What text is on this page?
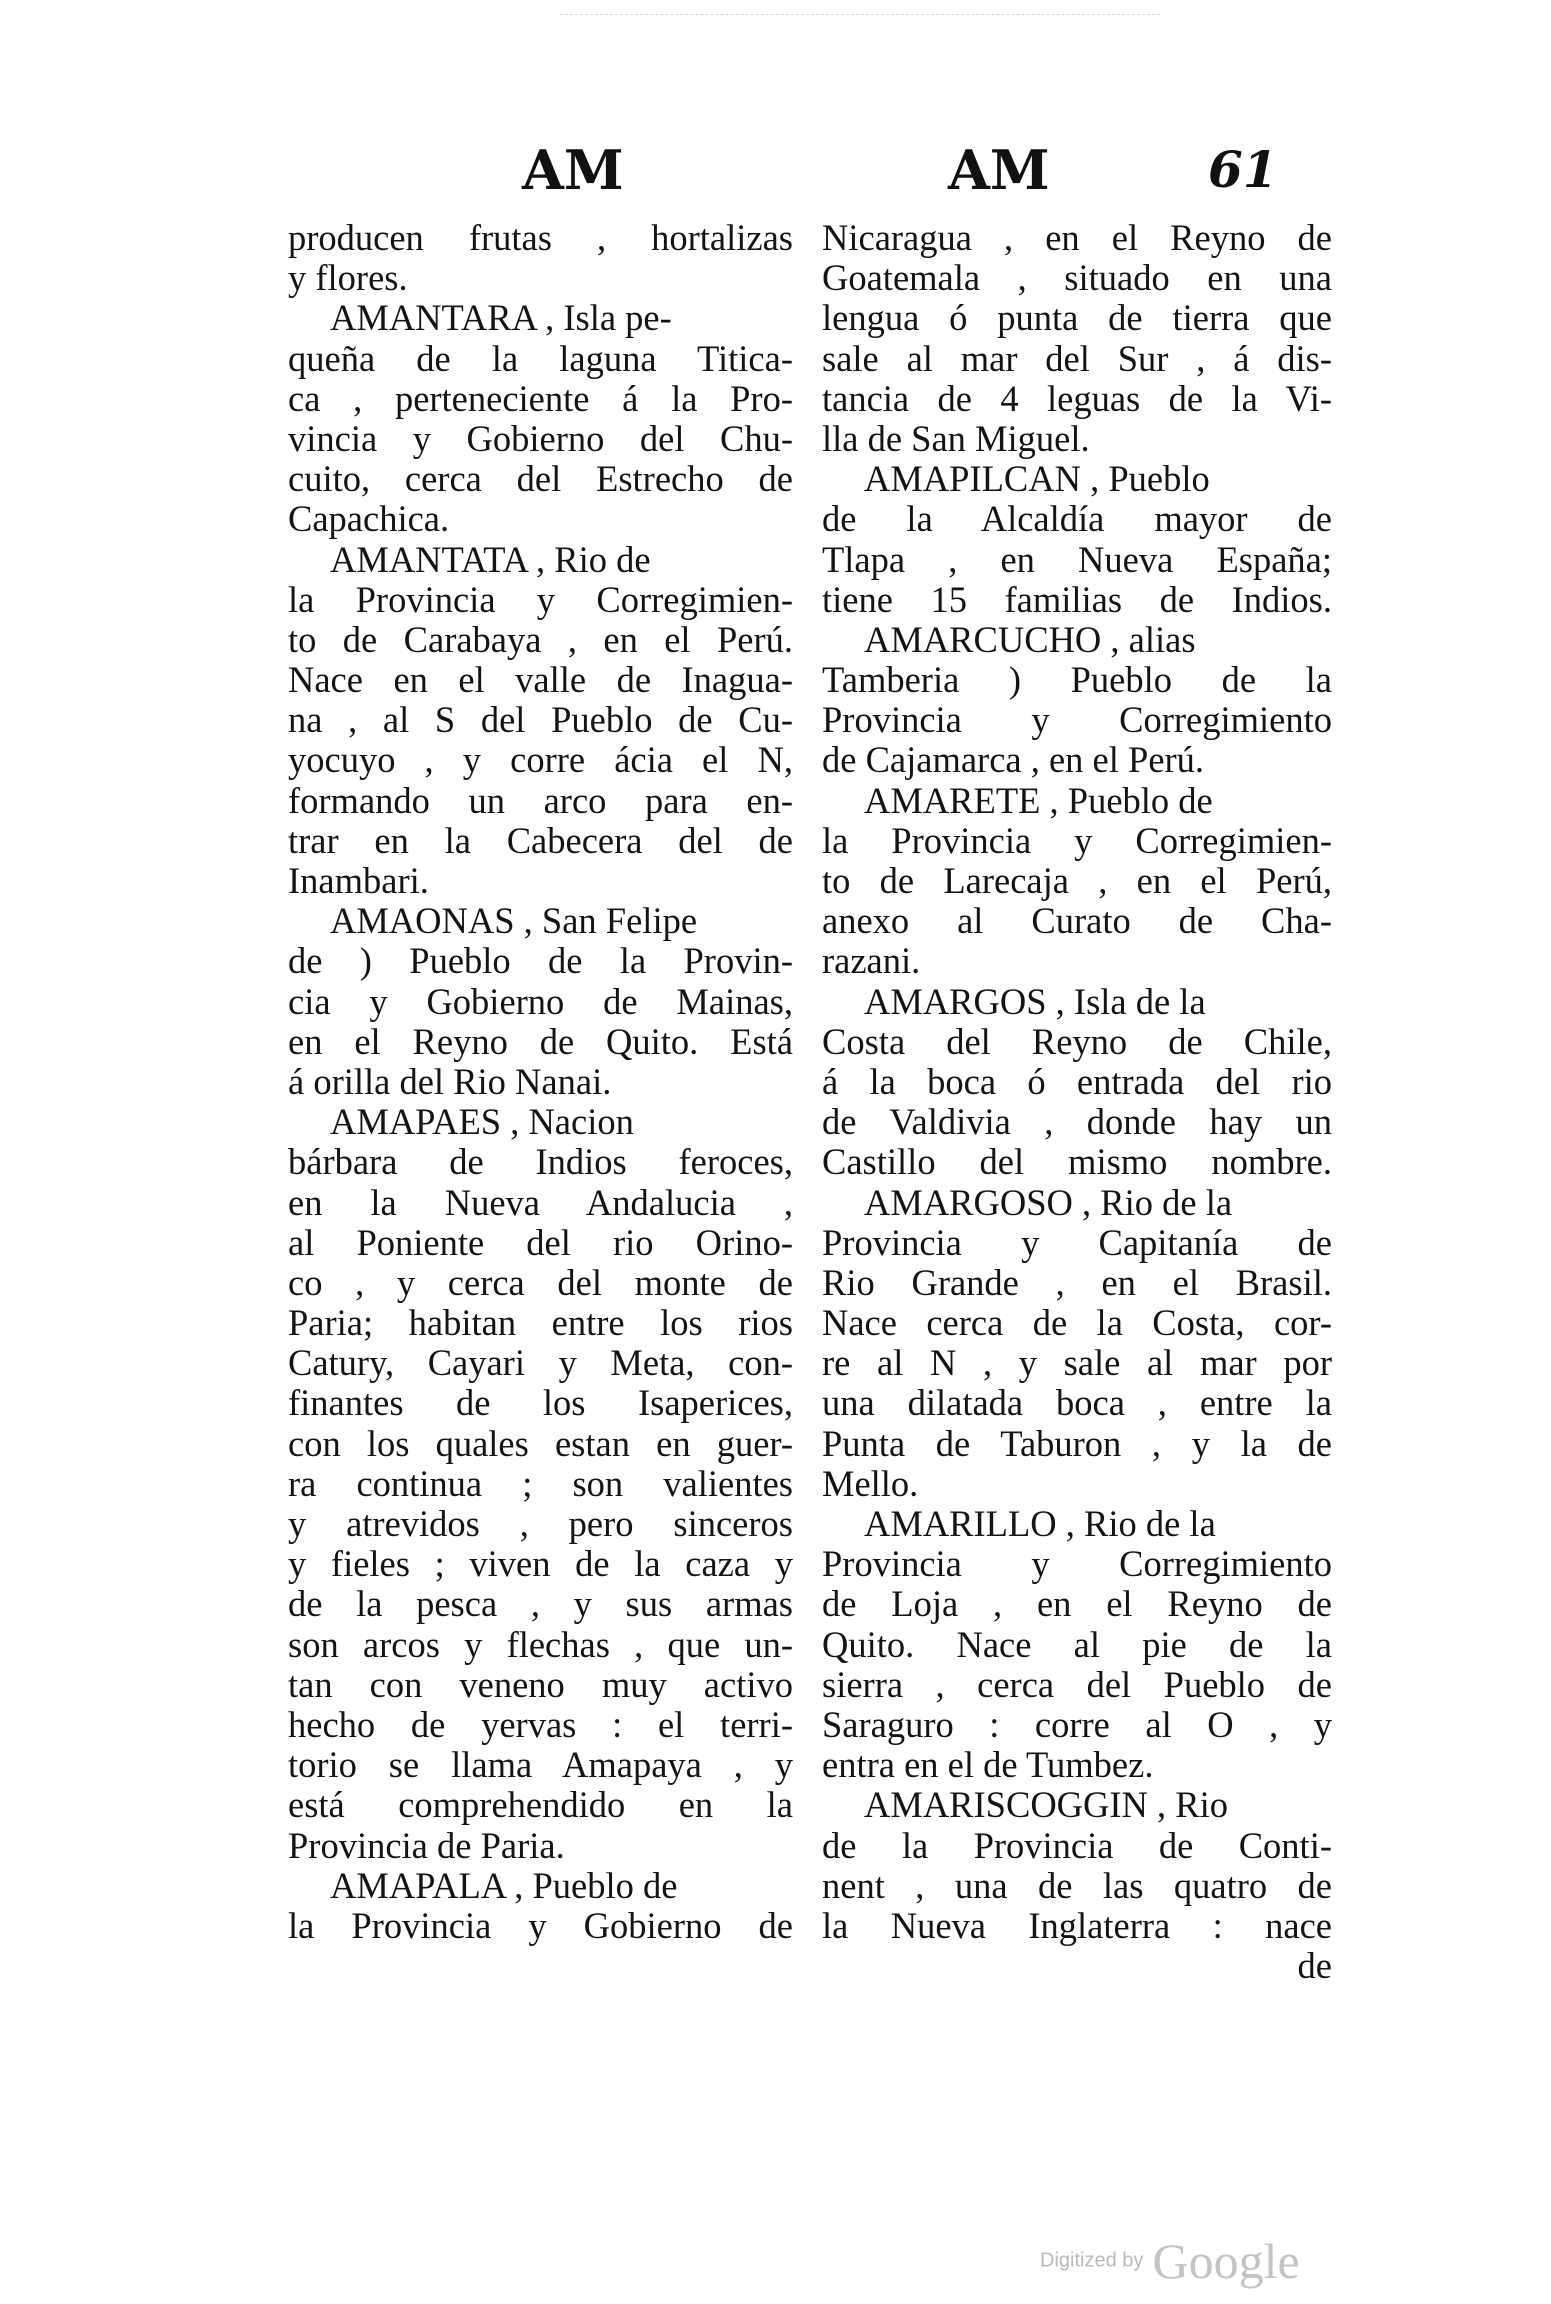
AM	AM	61
producen frutas , hortalizas
y flores.
AMANTARA , Isla pe-
queña de la laguna Titica-
ca , perteneciente á la Pro-
vincia y Gobierno del Chu-
cuito, cerca del Estrecho de
Capachica.
AMANTATA , Rio de
la Provincia y Corregimien-
to de Carabaya , en el Perú.
Nace en el valle de Inagua-
na , al S del Pueblo de Cu-
yocuyo , y corre ácia el N,
formando un arco para en-
trar en la Cabecera del de
Inambari.
AMAONAS , San Felipe
de ) Pueblo de la Provin-
cia y Gobierno de Mainas,
en el Reyno de Quito. Está
á orilla del Rio Nanai.
AMAPAES , Nacion
bárbara de Indios feroces,
en la Nueva Andalucia ,
al Poniente del rio Orino-
co , y cerca del monte de
Paria; habitan entre los rios
Catury, Cayari y Meta, con-
finantes de los Isaperices,
con los quales estan en guer-
ra continua ; son valientes
y atrevidos , pero sinceros
y fieles ; viven de la caza y
de la pesca , y sus armas
son arcos y flechas , que un-
tan con veneno muy activo
hecho de yervas : el terri-
torio se llama Amapaya , y
está comprehendido en la
Provincia de Paria.
AMAPALA , Pueblo de
la Provincia y Gobierno de
Nicaragua , en el Reyno de
Goatemala , situado en una
lengua ó punta de tierra que
sale al mar del Sur , á dis-
tancia de 4 leguas de la Vi-
lla de San Miguel.
AMAPILCAN , Pueblo
de la Alcaldía mayor de
Tlapa , en Nueva España;
tiene 15 familias de Indios.
AMARCUCHO , alias
Tamberia ) Pueblo de la
Provincia y Corregimiento
de Cajamarca , en el Perú.
AMARETE , Pueblo de
la Provincia y Corregimien-
to de Larecaja , en el Perú,
anexo al Curato de Cha-
razani.
AMARGOS , Isla de la
Costa del Reyno de Chile,
á la boca ó entrada del rio
de Valdivia , donde hay un
Castillo del mismo nombre.
AMARGOSO , Rio de la
Provincia y Capitanía de
Rio Grande , en el Brasil.
Nace cerca de la Costa, cor-
re al N , y sale al mar por
una dilatada boca , entre la
Punta de Taburon , y la de
Mello.
AMARILLO , Rio de la
Provincia y Corregimiento
de Loja , en el Reyno de
Quito. Nace al pie de la
sierra , cerca del Pueblo de
Saraguro : corre al O , y
entra en el de Tumbez.
AMARISCOGGIN , Rio
de la Provincia de Conti-
nent , una de las quatro de
la Nueva Inglaterra : nace
de
Digitized by Google
